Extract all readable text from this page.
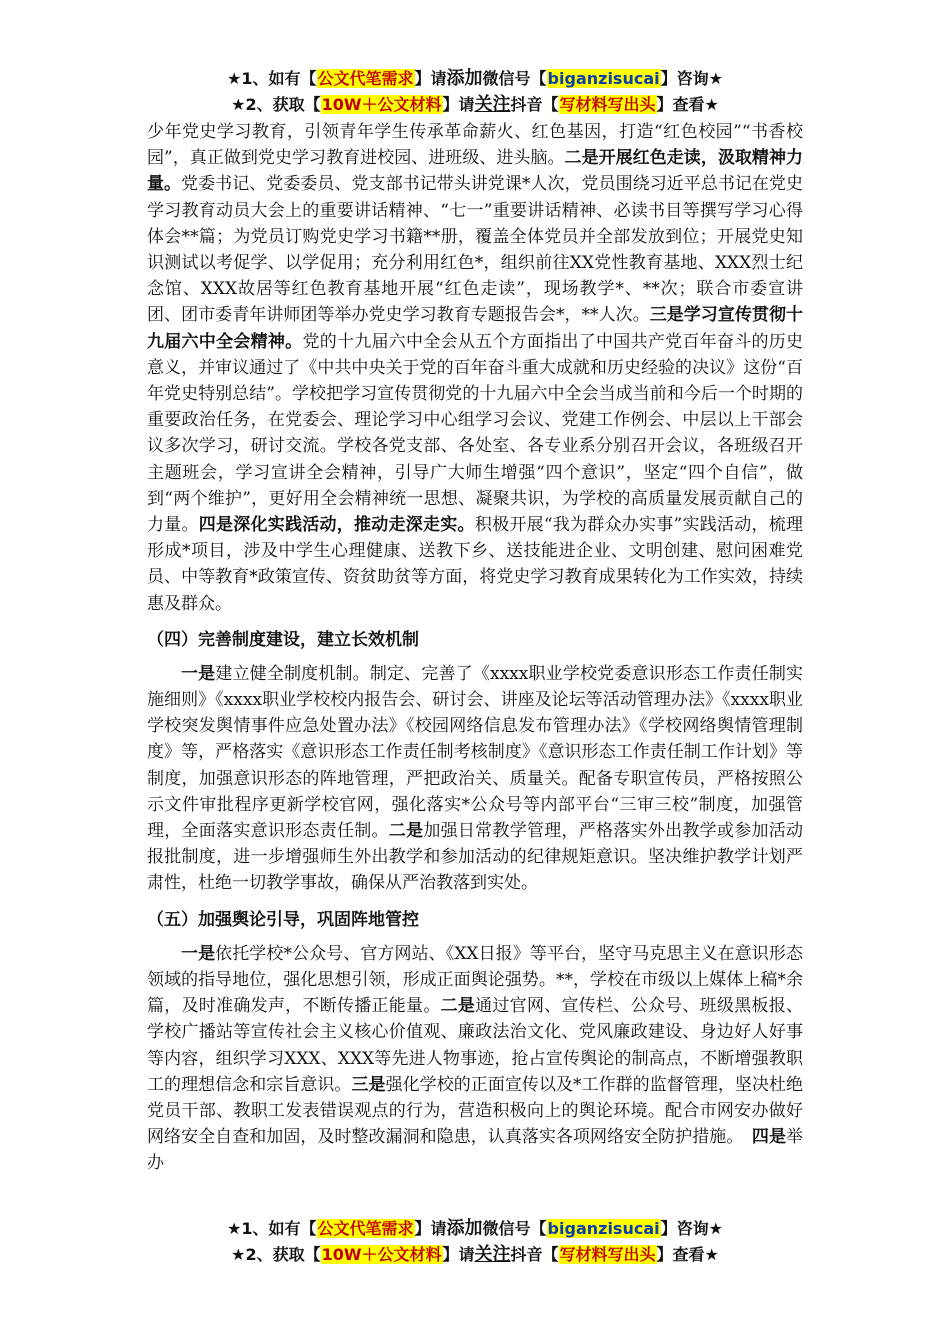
★1、如有【公文代笔需求】请添加微信号【biganzisucai】咨询★
★2、获取【10W＋公文材料】请关注抖音【写材料写出头】查看★

少年党史学习教育，引领青年学生传承革命薪火、红色基因，打造“红色校园”“书香校园”，真正做到党史学习教育进校园、进班级、进头脑。二是开展红色走读，汲取精神力量。党委书记、党委委员、党支部书记带头讲党课*人次，党员围绕习近平总书记在党史学习教育动员大会上的重要讲话精神、“七一”重要讲话精神、必读书目等撰写学习心得体会**篇；为党员订购党史学习书籍**册，覆盖全体党员并全部发放到位；开展党史知识测试以考促学、以学促用；充分利用红色*，组织前往XX党性教育基地、XXX烈士纪念馆、XXX故居等红色教育基地开展“红色走读”，现场教学*、**次；联合市委宣讲团、团市委青年讲师团等举办党史学习教育专题报告会*，**人次。三是学习宣传贯彻十九届六中全会精神。党的十九届六中全会从五个方面指出了中国共产党百年奋斗的历史意义，并审议通过了《中共中央关于党的百年奋斗重大成就和历史经验的决议》这份“百年党史特别总结”。学校把学习宣传贯彻党的十九届六中全会当成当前和今后一个时期的重要政治任务，在党委会、理论学习中心组学习会议、党建工作例会、中层以上干部会议多次学习，研讨交流。学校各党支部、各处室、各专业系分别召开会议，各班级召开主题班会，学习宣讲全会精神，引导广大师生增强“四个意识”，坚定“四个自信”，做到“两个维护”，更好用全会精神统一思想、凝聚共识，为学校的高质量发展贡献自己的力量。四是深化实践活动，推动走深走实。积极开展“我为群众办实事”实践活动，梳理形成*项目，涉及中学生心理健康、送教下乡、送技能进企业、文明创建、慰问困难党员、中等教育*政策宣传、资贫助贫等方面，将党史学习教育成果转化为工作实效，持续惠及群众。

（四）完善制度建设，建立长效机制

一是建立健全制度机制。制定、完善了《xxxx职业学校党委意识形态工作责任制实施细则》《xxxx职业学校校内报告会、研讨会、讲座及论坛等活动管理办法》《xxxx职业学校突发舆情事件应急处置办法》《校园网络信息发布管理办法》《学校网络舆情管理制度》等，严格落实《意识形态工作责任制考核制度》《意识形态工作责任制工作计划》等制度，加强意识形态的阵地管理，严把政治关、质量关。配备专职宣传员，严格按照公示文件审批程序更新学校官网，强化落实*公众号等内部平台“三审三校”制度，加强管理，全面落实意识形态责任制。二是加强日常教学管理，严格落实外出教学或参加活动报批制度，进一步增强师生外出教学和参加活动的纪律规矩意识。坚决维护教学计划严肃性，杜绝一切教学事故，确保从严治教落到实处。

（五）加强舆论引导，巩固阵地管控

一是依托学校*公众号、官方网站、《XX日报》等平台，坚守马克思主义在意识形态领域的指导地位，强化思想引领，形成正面舆论强势。**，学校在市级以上媒体上稿*余篇，及时准确发声，不断传播正能量。二是通过官网、宣传栏、公众号、班级黑板报、学校广播站等宣传社会主义核心价值观、廉政法治文化、党风廉政建设、身边好人好事等内容，组织学习XXX、XXX等先进人物事迹，抢占宣传舆论的制高点，不断增强教职工的理想信念和宗旨意识。三是强化学校的正面宣传以及*工作群的监督管理，坚决杜绝党员干部、教职工发表错误观点的行为，营造积极向上的舆论环境。配合市网安办做好网络安全自查和加固，及时整改漏洞和隐患，认真落实各项网络安全防护措施。　四是举办

★1、如有【公文代笔需求】请添加微信号【biganzisucai】咨询★
★2、获取【10W＋公文材料】请关注抖音【写材料写出头】查看★
